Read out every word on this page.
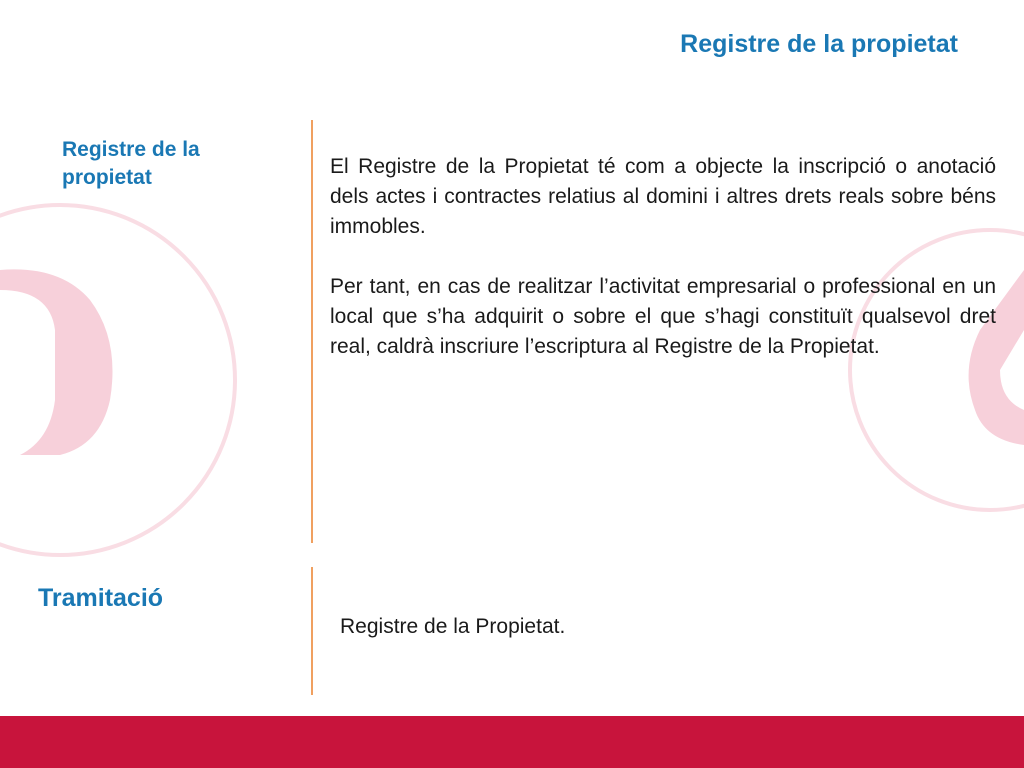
Registre de la propietat
Registre de la propietat	El Registre de la Propietat té com a objecte la inscripció o anotació dels actes i contractes relatius al domini i altres drets reals sobre béns immobles.

Per tant, en cas de realitzar l’activitat empresarial o professional en un local que s’ha adquirit o sobre el que s’hagi constituït qualsevol dret real, caldrà inscriure l’escriptura al Registre de la Propietat.

Tramitació
Registre de la Propietat.
